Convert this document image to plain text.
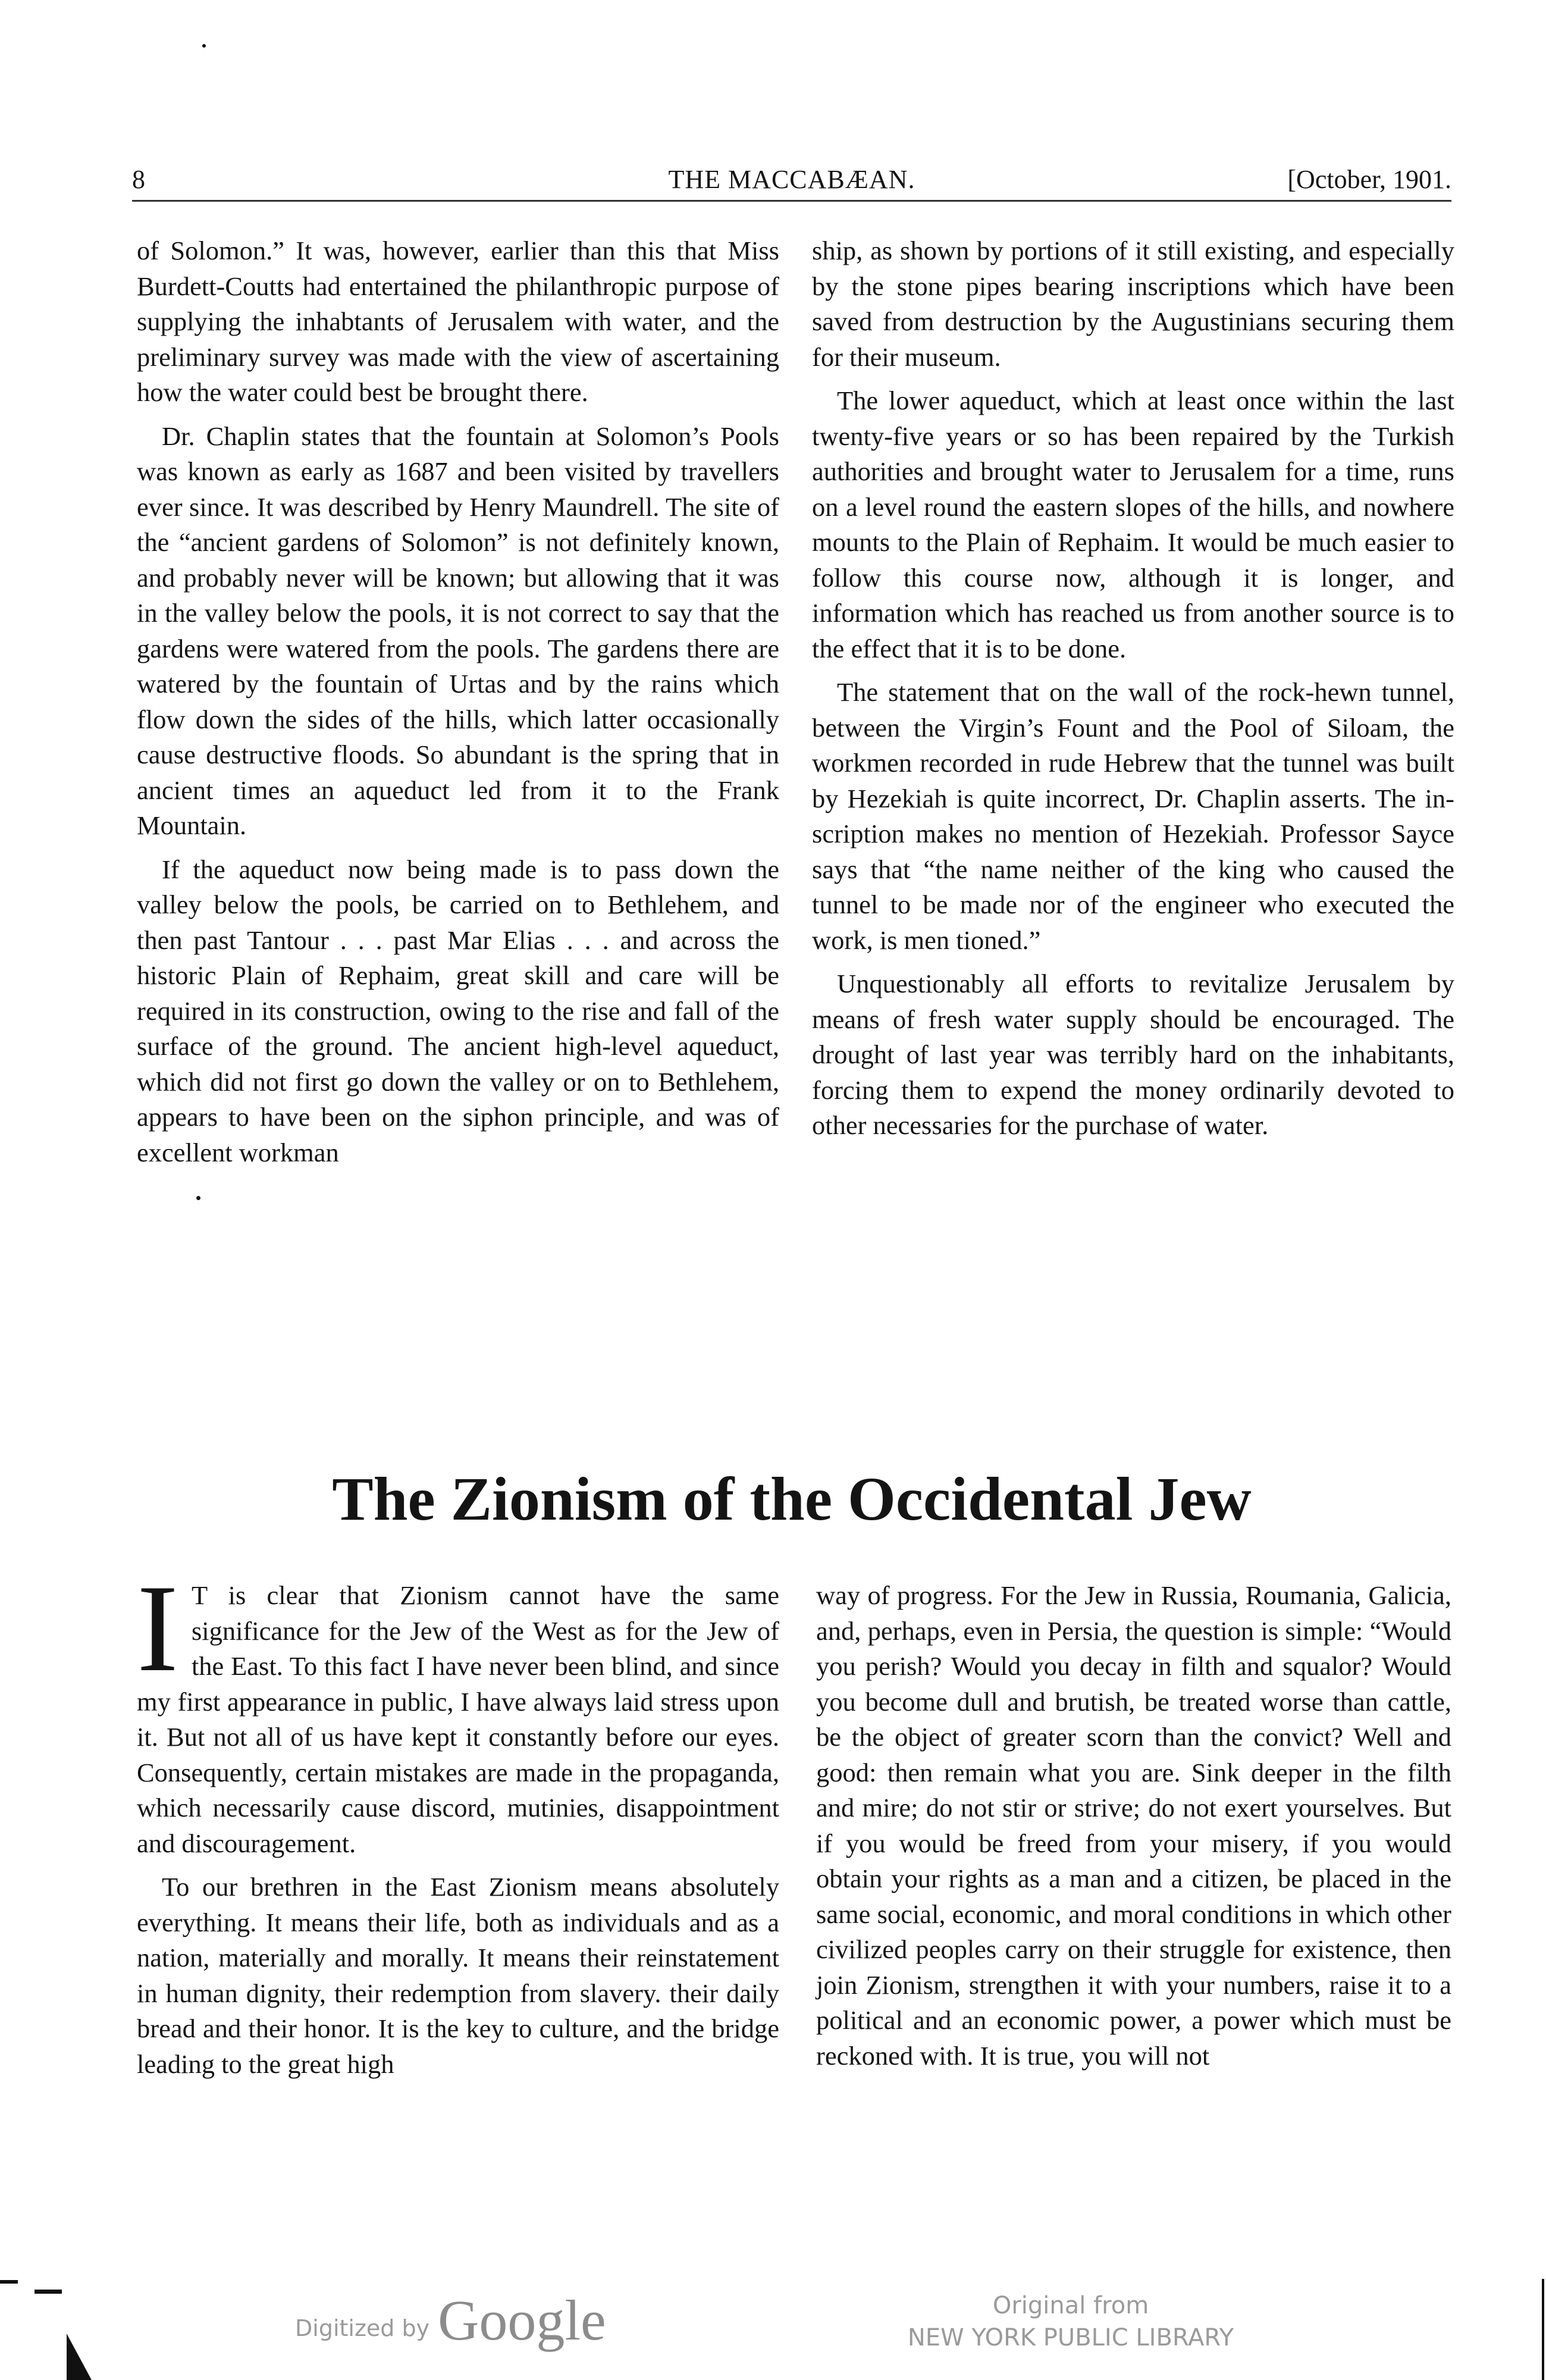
8	THE MACCABÆAN.	[October, 1901.

of Solomon.” It was, however, earlier than this that Miss Burdett-Coutts had entertained the philanthropic purpose of supplying the inhabtants of Jerusalem with water, and the preliminary survey was made with the view of ascertaining how the water could best be brought there.

Dr. Chaplin states that the fountain at Solomon’s Pools was known as early as 1687 and been visited by travellers ever since. It was described by Henry Maundrell. The site of the “ancient gardens of Solomon” is not definitely known, and probably never will be known; but allowing that it was in the valley below the pools, it is not correct to say that the gardens were watered from the pools. The gardens there are watered by the fountain of Urtas and by the rains which flow down the sides of the hills, which latter occasionally cause destructive floods. So abundant is the spring that in ancient times an aqueduct led from it to the Frank Mountain.

If the aqueduct now being made is to pass down the valley below the pools, be carried on to Bethlehem, and then past Tantour . . . past Mar Elias . . . and across the historic Plain of Rephaim, great skill and care will be required in its construction, owing to the rise and fall of the surface of the ground. The ancient high-level aqueduct, which did not first go down the valley or on to Bethlehem, appears to have been on the siphon principle, and was of excellent workman

ship, as shown by portions of it still existing, and especially by the stone pipes bearing inscriptions which have been saved from destruction by the Augustinians securing them for their museum.

The lower aqueduct, which at least once within the last twenty-five years or so has been repaired by the Turkish authorities and brought water to Jerusalem for a time, runs on a level round the eastern slopes of the hills, and nowhere mounts to the Plain of Rephaim. It would be much easier to follow this course now, although it is longer, and information which has reached us from another source is to the effect that it is to be done.

The statement that on the wall of the rock-hewn tunnel, between the Virgin’s Fount and the Pool of Siloam, the workmen recorded in rude Hebrew that the tunnel was built by Hezekiah is quite incorrect, Dr. Chaplin asserts. The inscription makes no mention of Hezekiah. Professor Sayce says that “the name neither of the king who caused the tunnel to be made nor of the engineer who executed the work, is men tioned.”

Unquestionably all efforts to revitalize Jerusalem by means of fresh water supply should be encouraged. The drought of last year was terribly hard on the inhabitants, forcing them to expend the money ordinarily devoted to other necessaries for the purchase of water.

The Zionism of the Occidental Jew

I T is clear that Zionism cannot have the same significance for the Jew of the West as for the Jew of the East. To this fact I have never been blind, and since my first appearance in public, I have always laid stress upon it. But not all of us have kept it constantly before our eyes. Consequently, certain mistakes are made in the propaganda, which necessarily cause discord, mutinies, disappointment and discouragement.

To our brethren in the East Zionism means absolutely everything. It means their life, both as individuals and as a nation, materially and morally. It means their reinstatement in human dignity, their redemption from slavery. their daily bread and their honor. It is the key to culture, and the bridge leading to the great high

way of progress. For the Jew in Russia, Roumania, Galicia, and, perhaps, even in Persia, the question is simple: “Would you perish? Would you decay in filth and squalor? Would you become dull and brutish, be treated worse than cattle, be the object of greater scorn than the convict? Well and good: then remain what you are. Sink deeper in the filth and mire; do not stir or strive; do not exert yourselves. But if you would be freed from your misery, if you would obtain your rights as a man and a citizen, be placed in the same social, economic, and moral conditions in which other civilized peoples carry on their struggle for existence, then join Zionism, strengthen it with your numbers, raise it to a political and an economic power, a power which must be reckoned with. It is true, you will not

Digitized by Google	Original from
NEW YORK PUBLIC LIBRARY
